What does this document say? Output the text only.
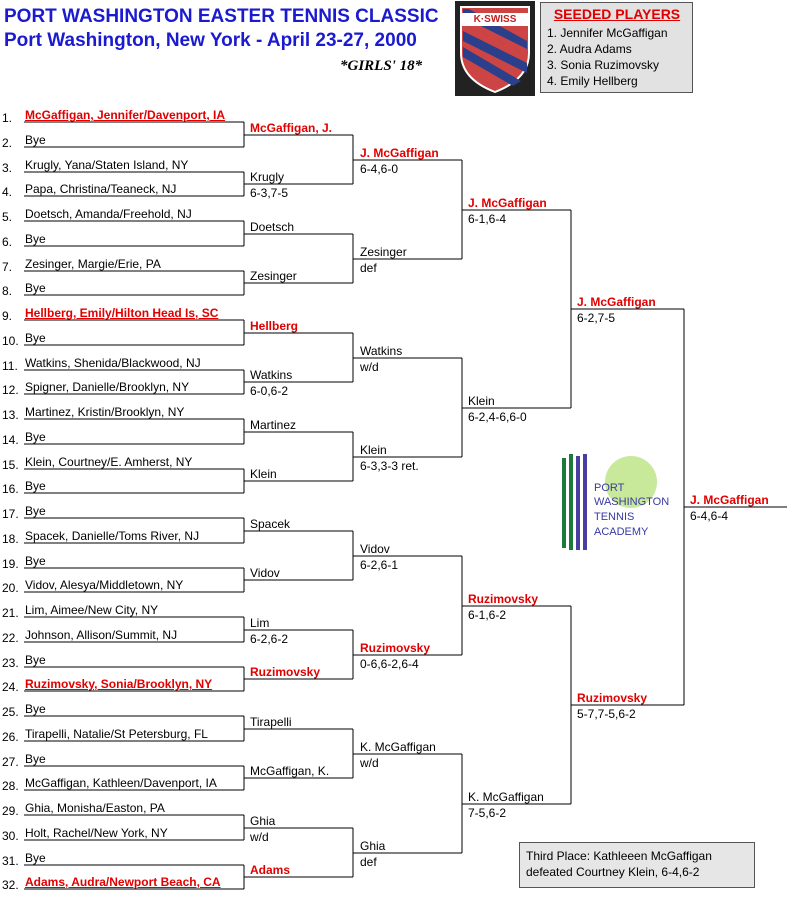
PORT WASHINGTON EASTER TENNIS CLASSIC
Port Washington, New York - April 23-27, 2000
*GIRLS' 18*
K·SWISS	SEEDED PLAYERS
1. Jennifer McGaffigan
2. Audra Adams
3. Sonia Ruzimovsky
4. Emily Hellberg
PORT
WASHINGTON
TENNIS
ACADEMY
Third Place: Kathleeen McGaffigan
defeated Courtney Klein, 6-4,6-2
1. McGaffigan, Jennifer/Davenport, IA
2. Bye
3. Krugly, Yana/Staten Island, NY
4. Papa, Christina/Teaneck, NJ
5. Doetsch, Amanda/Freehold, NJ
6. Bye
7. Zesinger, Margie/Erie, PA
8. Bye
9. Hellberg, Emily/Hilton Head Is, SC
10. Bye
11. Watkins, Shenida/Blackwood, NJ
12. Spigner, Danielle/Brooklyn, NY
13. Martinez, Kristin/Brooklyn, NY
14. Bye
15. Klein, Courtney/E. Amherst, NY
16. Bye
17. Bye
18. Spacek, Danielle/Toms River, NJ
19. Bye
20. Vidov, Alesya/Middletown, NY
21. Lim, Aimee/New City, NY
22. Johnson, Allison/Summit, NJ
23. Bye
24. Ruzimovsky, Sonia/Brooklyn, NY
25. Bye
26. Tirapelli, Natalie/St Petersburg, FL
27. Bye
28. McGaffigan, Kathleen/Davenport, IA
29. Ghia, Monisha/Easton, PA
30. Holt, Rachel/New York, NY
31. Bye
32. Adams, Audra/Newport Beach, CA
McGaffigan, J.
Krugly
6-3,7-5
Doetsch
Zesinger
Hellberg
Watkins
6-0,6-2
Martinez
Klein
Spacek
Vidov
Lim
6-2,6-2
Ruzimovsky
Tirapelli
McGaffigan, K.
Ghia
w/d
Adams
J. McGaffigan
6-4,6-0
Zesinger
def
Watkins
w/d
Klein
6-3,3-3 ret.
Vidov
6-2,6-1
Ruzimovsky
0-6,6-2,6-4
K. McGaffigan
w/d
Ghia
def
J. McGaffigan
6-1,6-4
Klein
6-2,4-6,6-0
Ruzimovsky
6-1,6-2
K. McGaffigan
7-5,6-2
J. McGaffigan
6-2,7-5
Ruzimovsky
5-7,7-5,6-2
J. McGaffigan
6-4,6-4
